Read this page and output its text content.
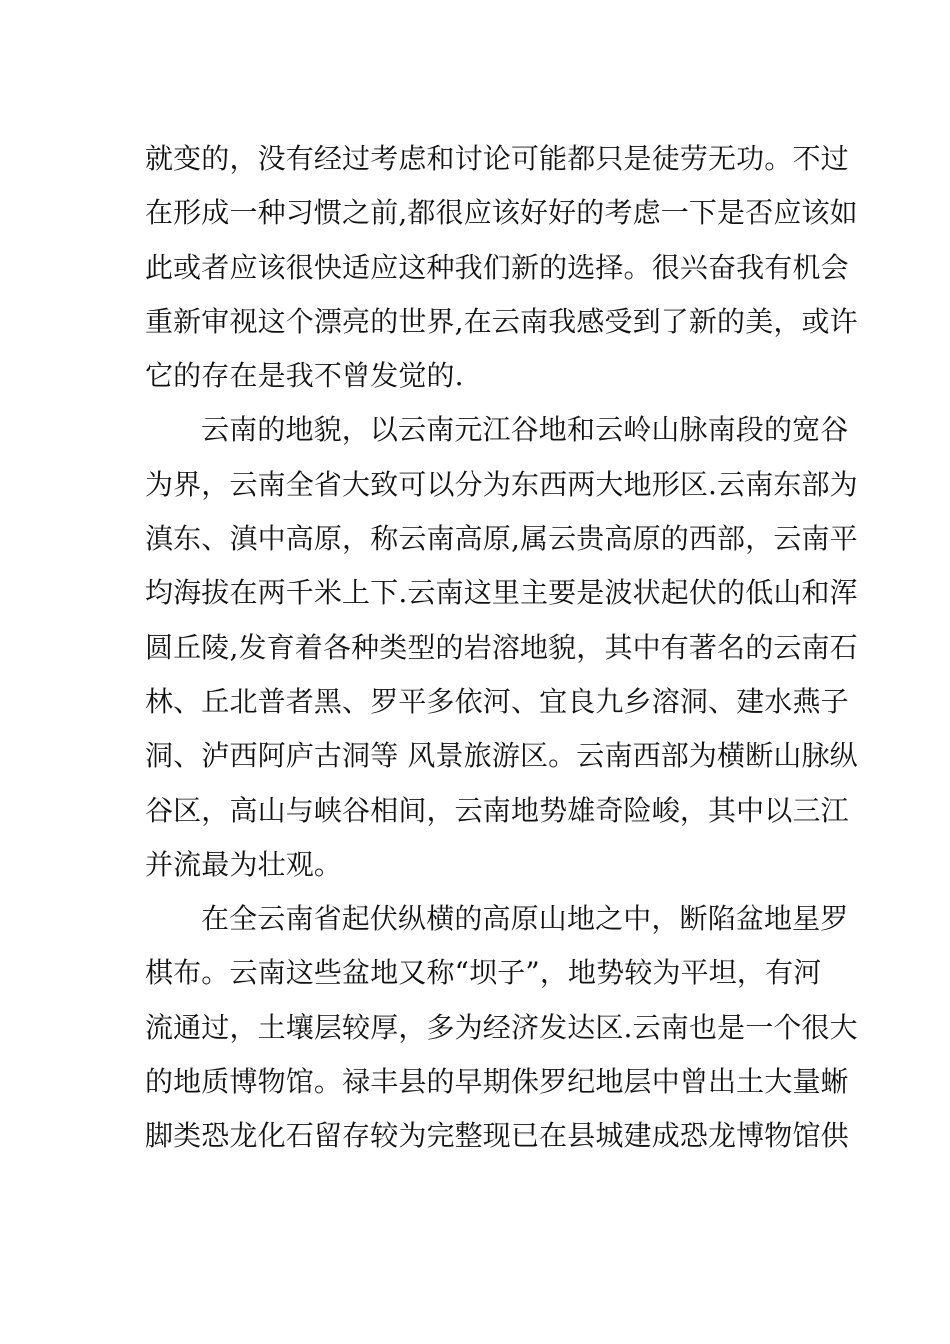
就变的，没有经过考虑和讨论可能都只是徒劳无功。不过
在形成一种习惯之前,都很应该好好的考虑一下是否应该如
此或者应该很快适应这种我们新的选择。很兴奋我有机会
重新审视这个漂亮的世界,在云南我感受到了新的美，或许
它的存在是我不曾发觉的.
云南的地貌，以云南元江谷地和云岭山脉南段的宽谷
为界，云南全省大致可以分为东西两大地形区.云南东部为
滇东、滇中高原，称云南高原,属云贵高原的西部，云南平
均海拔在两千米上下.云南这里主要是波状起伏的低山和浑
圆丘陵,发育着各种类型的岩溶地貌，其中有著名的云南石
林、丘北普者黑、罗平多依河、宜良九乡溶洞、建水燕子
洞、泸西阿庐古洞等 风景旅游区。云南西部为横断山脉纵
谷区，高山与峡谷相间，云南地势雄奇险峻，其中以三江
并流最为壮观。
在全云南省起伏纵横的高原山地之中，断陷盆地星罗
棋布。云南这些盆地又称“坝子”，地势较为平坦，有河
流通过，土壤层较厚，多为经济发达区.云南也是一个很大
的地质博物馆。禄丰县的早期侏罗纪地层中曾出土大量蜥
脚类恐龙化石留存较为完整现已在县城建成恐龙博物馆供
